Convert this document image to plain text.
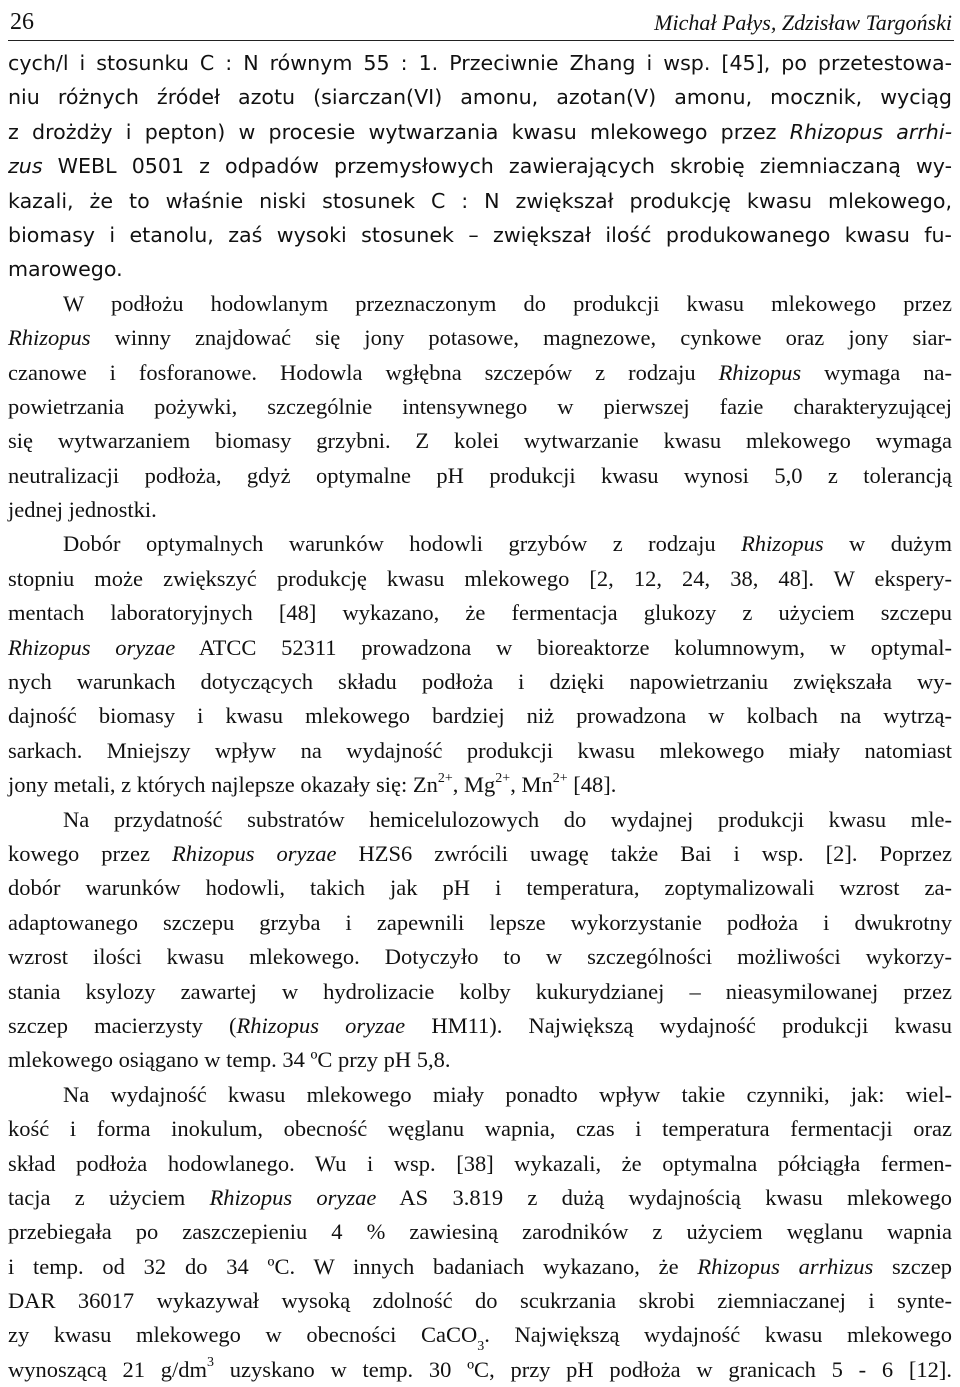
26	Michał Pałys, Zdzisław Targoński
cych/l i stosunku C : N równym 55 : 1. Przeciwnie Zhang i wsp. [45], po przetestowa-
niu różnych źródeł azotu (siarczan(VI) amonu, azotan(V) amonu, mocznik, wyciąg
z drożdży i pepton) w procesie wytwarzania kwasu mlekowego przez Rhizopus arrhi-
zus WEBL 0501 z odpadów przemysłowych zawierających skrobię ziemniaczaną wy-
kazali, że to właśnie niski stosunek C : N zwiększał produkcję kwasu mlekowego,
biomasy i etanolu, zaś wysoki stosunek – zwiększał ilość produkowanego kwasu fu-
marowego.
W podłożu hodowlanym przeznaczonym do produkcji kwasu mlekowego przez
Rhizopus winny znajdować się jony potasowe, magnezowe, cynkowe oraz jony siar-
czanowe i fosforanowe. Hodowla wgłębna szczepów z rodzaju Rhizopus wymaga na-
powietrzania pożywki, szczególnie intensywnego w pierwszej fazie charakteryzującej
się wytwarzaniem biomasy grzybni. Z kolei wytwarzanie kwasu mlekowego wymaga
neutralizacji podłoża, gdyż optymalne pH produkcji kwasu wynosi 5,0 z tolerancją
jednej jednostki.
Dobór optymalnych warunków hodowli grzybów z rodzaju Rhizopus w dużym
stopniu może zwiększyć produkcję kwasu mlekowego [2, 12, 24, 38, 48]. W ekspery-
mentach laboratoryjnych [48] wykazano, że fermentacja glukozy z użyciem szczepu
Rhizopus oryzae ATCC 52311 prowadzona w bioreaktorze kolumnowym, w optymal-
nych warunkach dotyczących składu podłoża i dzięki napowietrzaniu zwiększała wy-
dajność biomasy i kwasu mlekowego bardziej niż prowadzona w kolbach na wytrzą-
sarkach. Mniejszy wpływ na wydajność produkcji kwasu mlekowego miały natomiast
jony metali, z których najlepsze okazały się: $Zn^{2+}$, $Mg^{2+}$, $Mn^{2+}$ [48].
Na przydatność substratów hemicelulozowych do wydajnej produkcji kwasu mle-
kowego przez Rhizopus oryzae HZS6 zwrócili uwagę także Bai i wsp. [2]. Poprzez
dobór warunków hodowli, takich jak pH i temperatura, zoptymalizowali wzrost za-
adaptowanego szczepu grzyba i zapewnili lepsze wykorzystanie podłoża i dwukrotny
wzrost ilości kwasu mlekowego. Dotyczyło to w szczególności możliwości wykorzy-
stania ksylozy zawartej w hydrolizacie kolby kukurydzianej – nieasymilowanej przez
szczep macierzysty (Rhizopus oryzae HM11). Największą wydajność produkcji kwasu
mlekowego osiągano w temp. 34 ºC przy pH 5,8.
Na wydajność kwasu mlekowego miały ponadto wpływ takie czynniki, jak: wiel-
kość i forma inokulum, obecność węglanu wapnia, czas i temperatura fermentacji oraz
skład podłoża hodowlanego. Wu i wsp. [38] wykazali, że optymalna półciągła fermen-
tacja z użyciem Rhizopus oryzae AS 3.819 z dużą wydajnością kwasu mlekowego
przebiegała po zaszczepieniu 4 % zawiesiną zarodników z użyciem węglanu wapnia
i temp. od 32 do 34 ºC. W innych badaniach wykazano, że Rhizopus arrhizus szczep
DAR 36017 wykazywał wysoką zdolność do scukrzania skrobi ziemniaczanej i synte-
zy kwasu mlekowego w obecności CaCO$_3$. Największą wydajność kwasu mlekowego
wynoszącą 21 $g/dm^3$ uzyskano w temp. 30 ºC, przy pH podłoża w granicach 5 - 6 [12].
